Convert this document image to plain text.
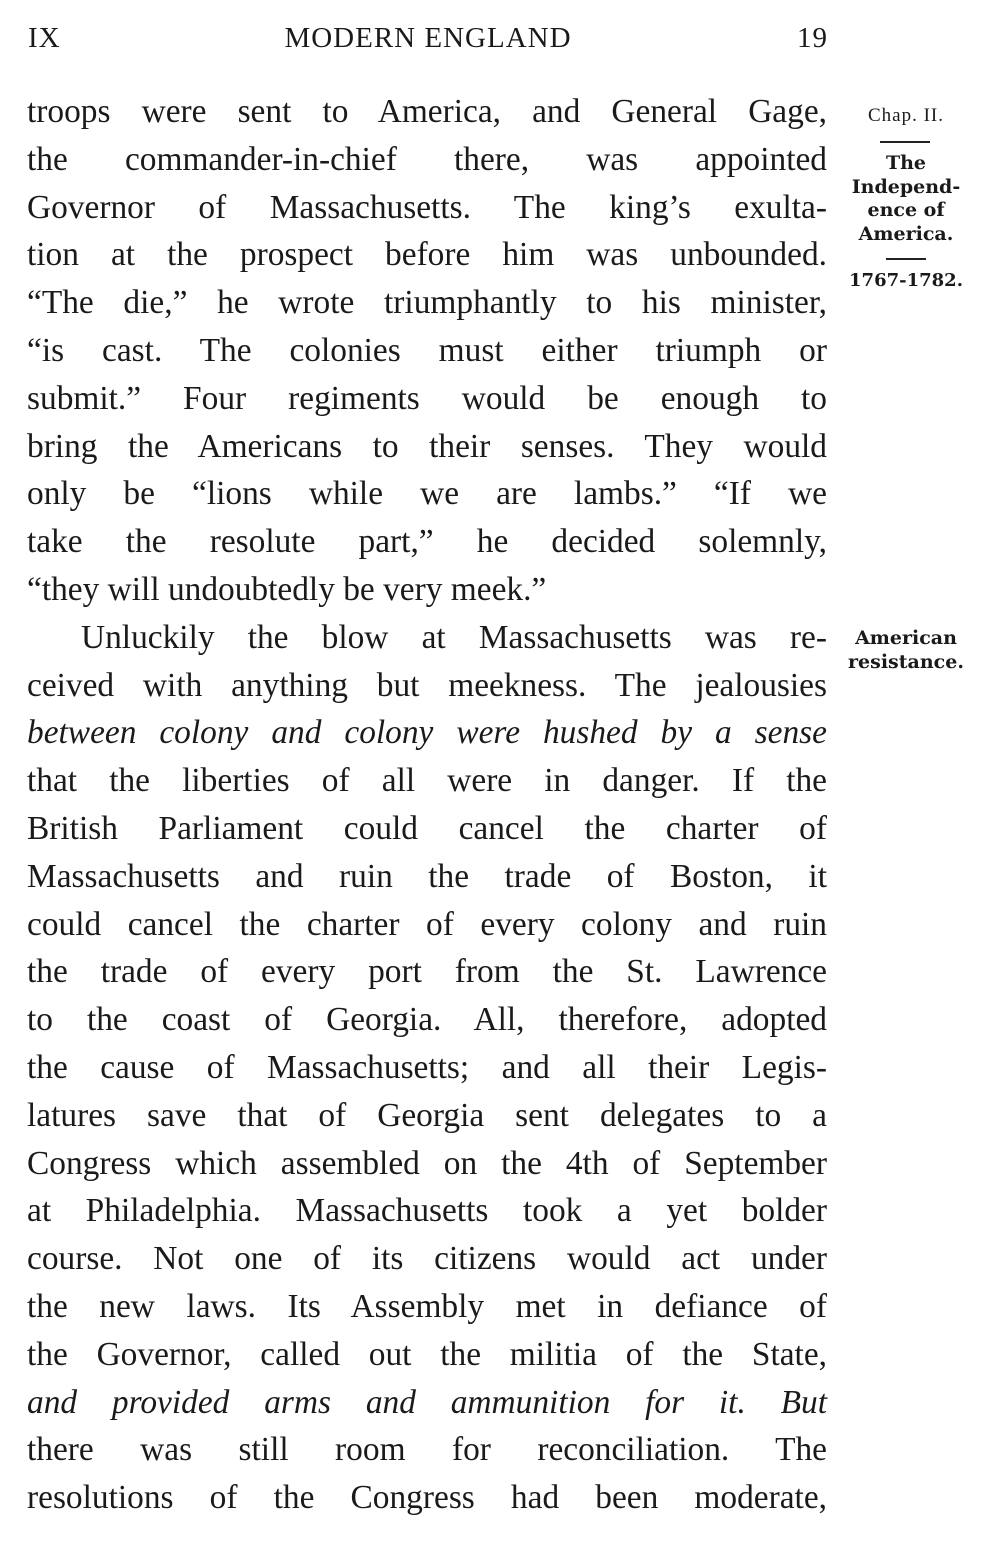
IX	MODERN ENGLAND	19
troops were sent to America, and General Gage,
the commander-in-chief there, was appointed
Governor of Massachusetts. The king’s exulta-
tion at the prospect before him was unbounded.
“The die,” he wrote triumphantly to his minister,
“is cast. The colonies must either triumph or
submit.” Four regiments would be enough to
bring the Americans to their senses. They would
only be “lions while we are lambs.” “If we
take the resolute part,” he decided solemnly,
“they will undoubtedly be very meek.”
Unluckily the blow at Massachusetts was re-
ceived with anything but meekness. The jealousies
between colony and colony were hushed by a sense
that the liberties of all were in danger. If the
British Parliament could cancel the charter of
Massachusetts and ruin the trade of Boston, it
could cancel the charter of every colony and ruin
the trade of every port from the St. Lawrence
to the coast of Georgia. All, therefore, adopted
the cause of Massachusetts; and all their Legis-
latures save that of Georgia sent delegates to a
Congress which assembled on the 4th of September
at Philadelphia. Massachusetts took a yet bolder
course. Not one of its citizens would act under
the new laws. Its Assembly met in defiance of
the Governor, called out the militia of the State,
and provided arms and ammunition for it. But
there was still room for reconciliation. The
resolutions of the Congress had been moderate,
Chap. II.
The
Independ-
ence of
America.
1767-1782.
American
resistance.
